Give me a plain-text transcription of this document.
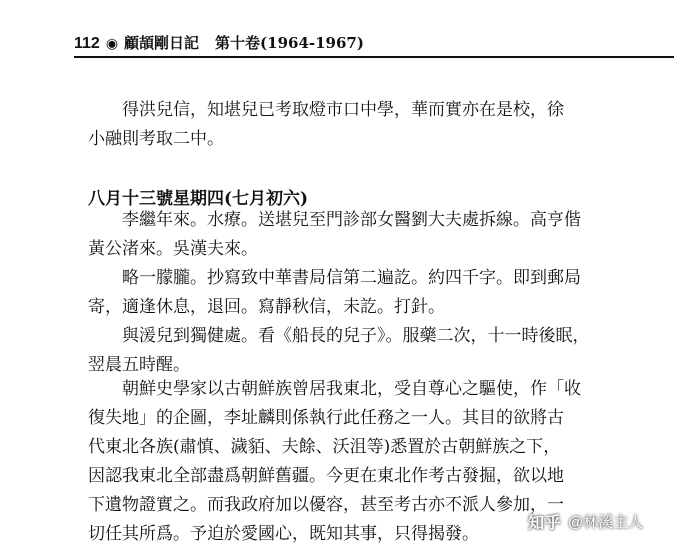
112 ◉ 顧頡剛日記 第十卷(1964-1967)
得洪兒信，知堪兒已考取燈市口中學，華而實亦在是校，徐
小融則考取二中。
八月十三號星期四(七月初六)
李繼年來。水療。送堪兒至門診部女醫劉大夫處拆線。高亨偕
黃公渚來。吳漢夫來。
略一朦朧。抄寫致中華書局信第二遍訖。約四千字。即到郵局
寄，適逢休息，退回。寫靜秋信，未訖。打針。
與湲兒到獨健處。看《船長的兒子》。服藥二次，十一時後眠，
翌晨五時醒。
朝鮮史學家以古朝鮮族曾居我東北，受自尊心之驅使，作「收
復失地」的企圖，李址麟則係執行此任務之一人。其目的欲將古
代東北各族(肅慎、濊貊、夫餘、沃沮等)悉置於古朝鮮族之下，
因認我東北全部盡爲朝鮮舊疆。今更在東北作考古發掘，欲以地
下遺物證實之。而我政府加以優容，甚至考古亦不派人參加，一
切任其所爲。予迫於愛國心，既知其事，只得揭發。
知乎 @林溪主人
